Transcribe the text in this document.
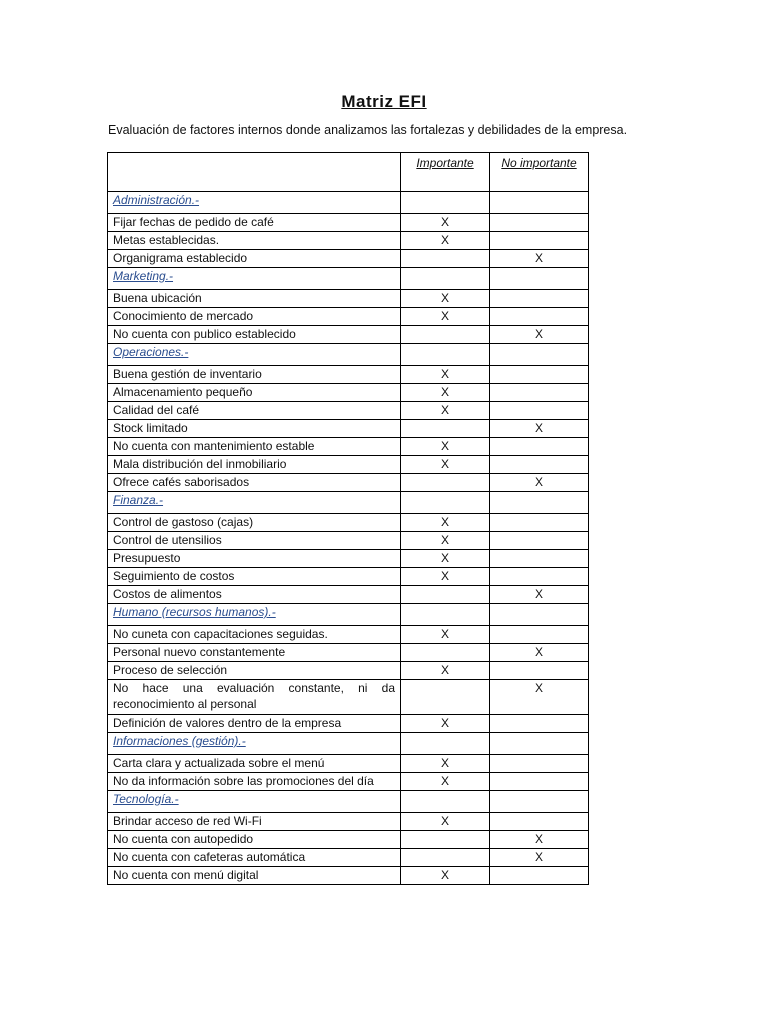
Matriz EFI
Evaluación de factores internos donde analizamos las fortalezas y debilidades de la empresa.
	Importante	No importante
Administración.-		
Fijar fechas de pedido de café	X	
Metas establecidas.	X	
Organigrama establecido		X
Marketing.-		
Buena ubicación	X	
Conocimiento de mercado	X	
No cuenta con publico establecido		X
Operaciones.-		
Buena gestión de inventario	X	
Almacenamiento pequeño	X	
Calidad del café	X	
Stock limitado		X
No cuenta con mantenimiento estable	X	
Mala distribución del inmobiliario	X	
Ofrece cafés saborisados		X
Finanza.-		
Control de gastoso (cajas)	X	
Control de utensilios	X	
Presupuesto	X	
Seguimiento de costos	X	
Costos de alimentos		X
Humano (recursos humanos).-		
No cuneta con capacitaciones seguidas.	X	
Personal nuevo constantemente		X
Proceso de selección	X	
No hace una evaluación constante, ni da reconocimiento al personal		X
Definición de valores dentro de la empresa	X	
Informaciones (gestión).-		
Carta clara y actualizada sobre el menú	X	
No da información sobre las promociones del día	X	
Tecnología.-		
Brindar acceso de red Wi-Fi	X	
No cuenta con autopedido		X
No cuenta con cafeteras automática		X
No cuenta con menú digital	X	
